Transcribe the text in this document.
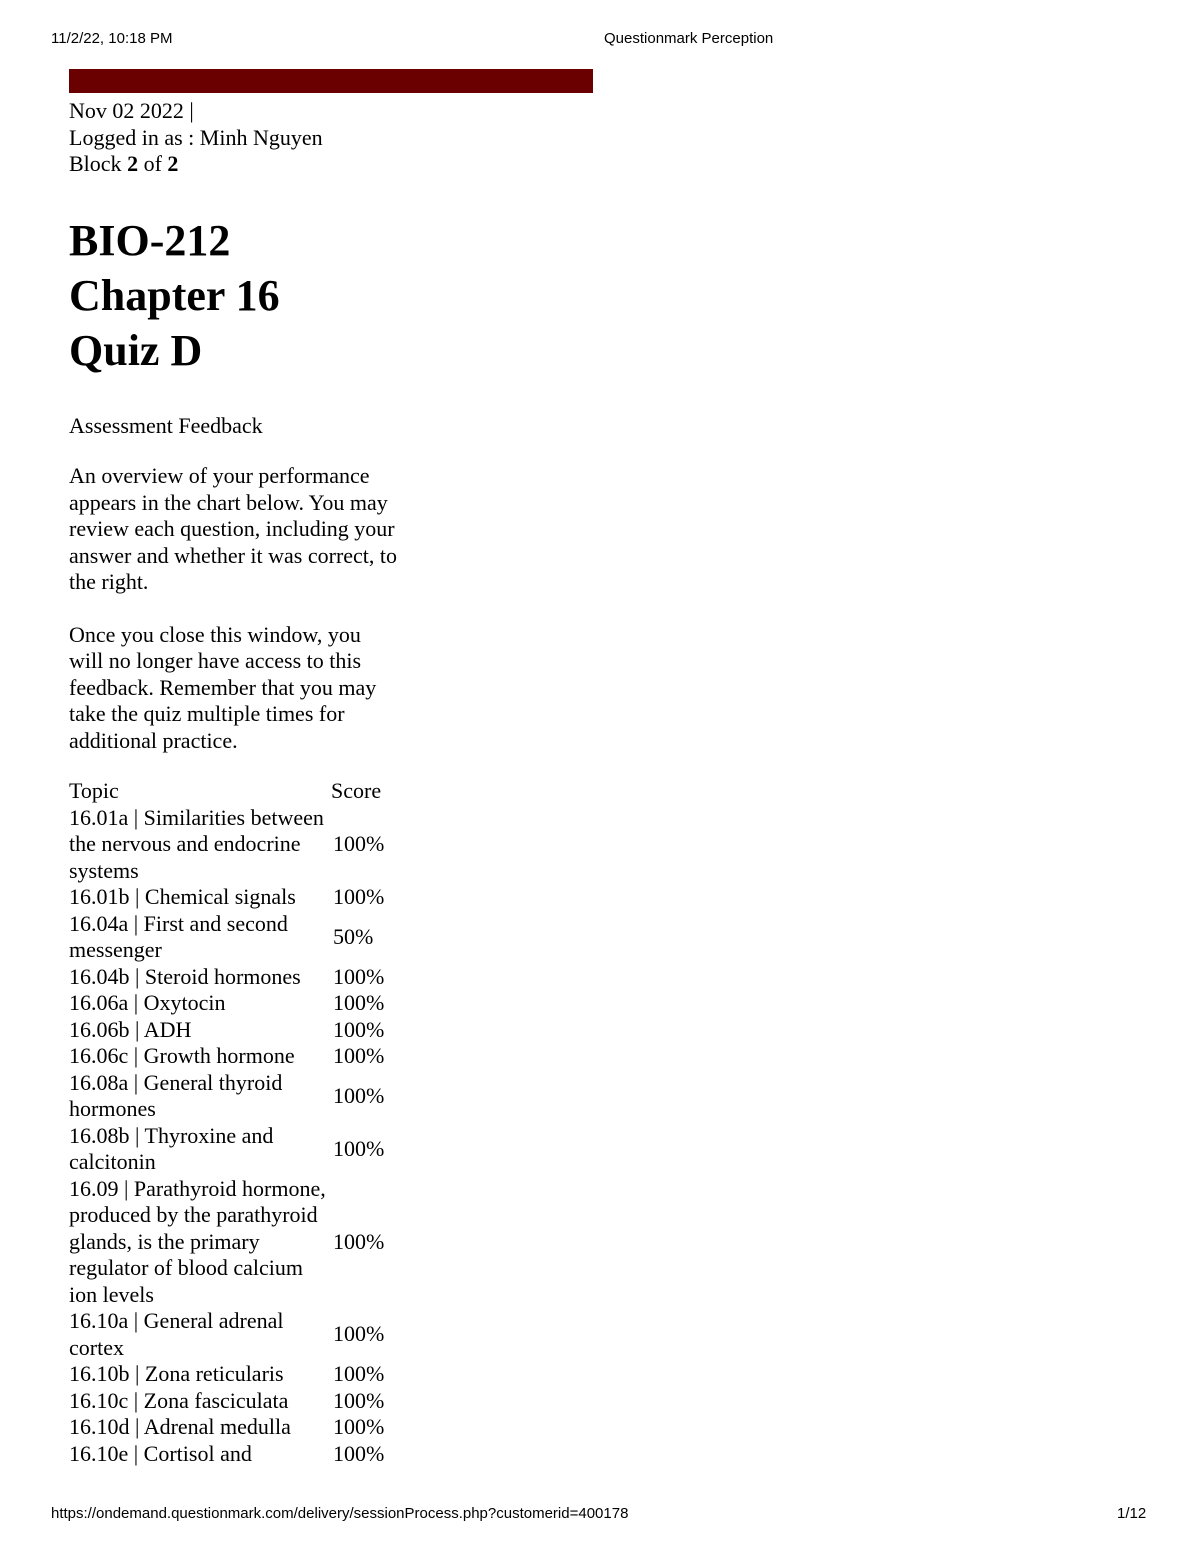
11/2/22, 10:18 PM	Questionmark Perception
Nov 02 2022 |
Logged in as : Minh Nguyen
Block 2 of 2
BIO-212
Chapter 16
Quiz D
Assessment Feedback
An overview of your performance appears in the chart below. You may review each question, including your answer and whether it was correct, to the right.
Once you close this window, you will no longer have access to this feedback. Remember that you may take the quiz multiple times for additional practice.
Topic	Score
16.01a | Similarities between the nervous and endocrine systems	100%
16.01b | Chemical signals	100%
16.04a | First and second messenger	50%
16.04b | Steroid hormones	100%
16.06a | Oxytocin	100%
16.06b | ADH	100%
16.06c | Growth hormone	100%
16.08a | General thyroid hormones	100%
16.08b | Thyroxine and calcitonin	100%
16.09 | Parathyroid hormone, produced by the parathyroid glands, is the primary regulator of blood calcium ion levels	100%
16.10a | General adrenal cortex	100%
16.10b | Zona reticularis	100%
16.10c | Zona fasciculata	100%
16.10d | Adrenal medulla	100%
16.10e | Cortisol and	100%
https://ondemand.questionmark.com/delivery/sessionProcess.php?customerid=400178	1/12
